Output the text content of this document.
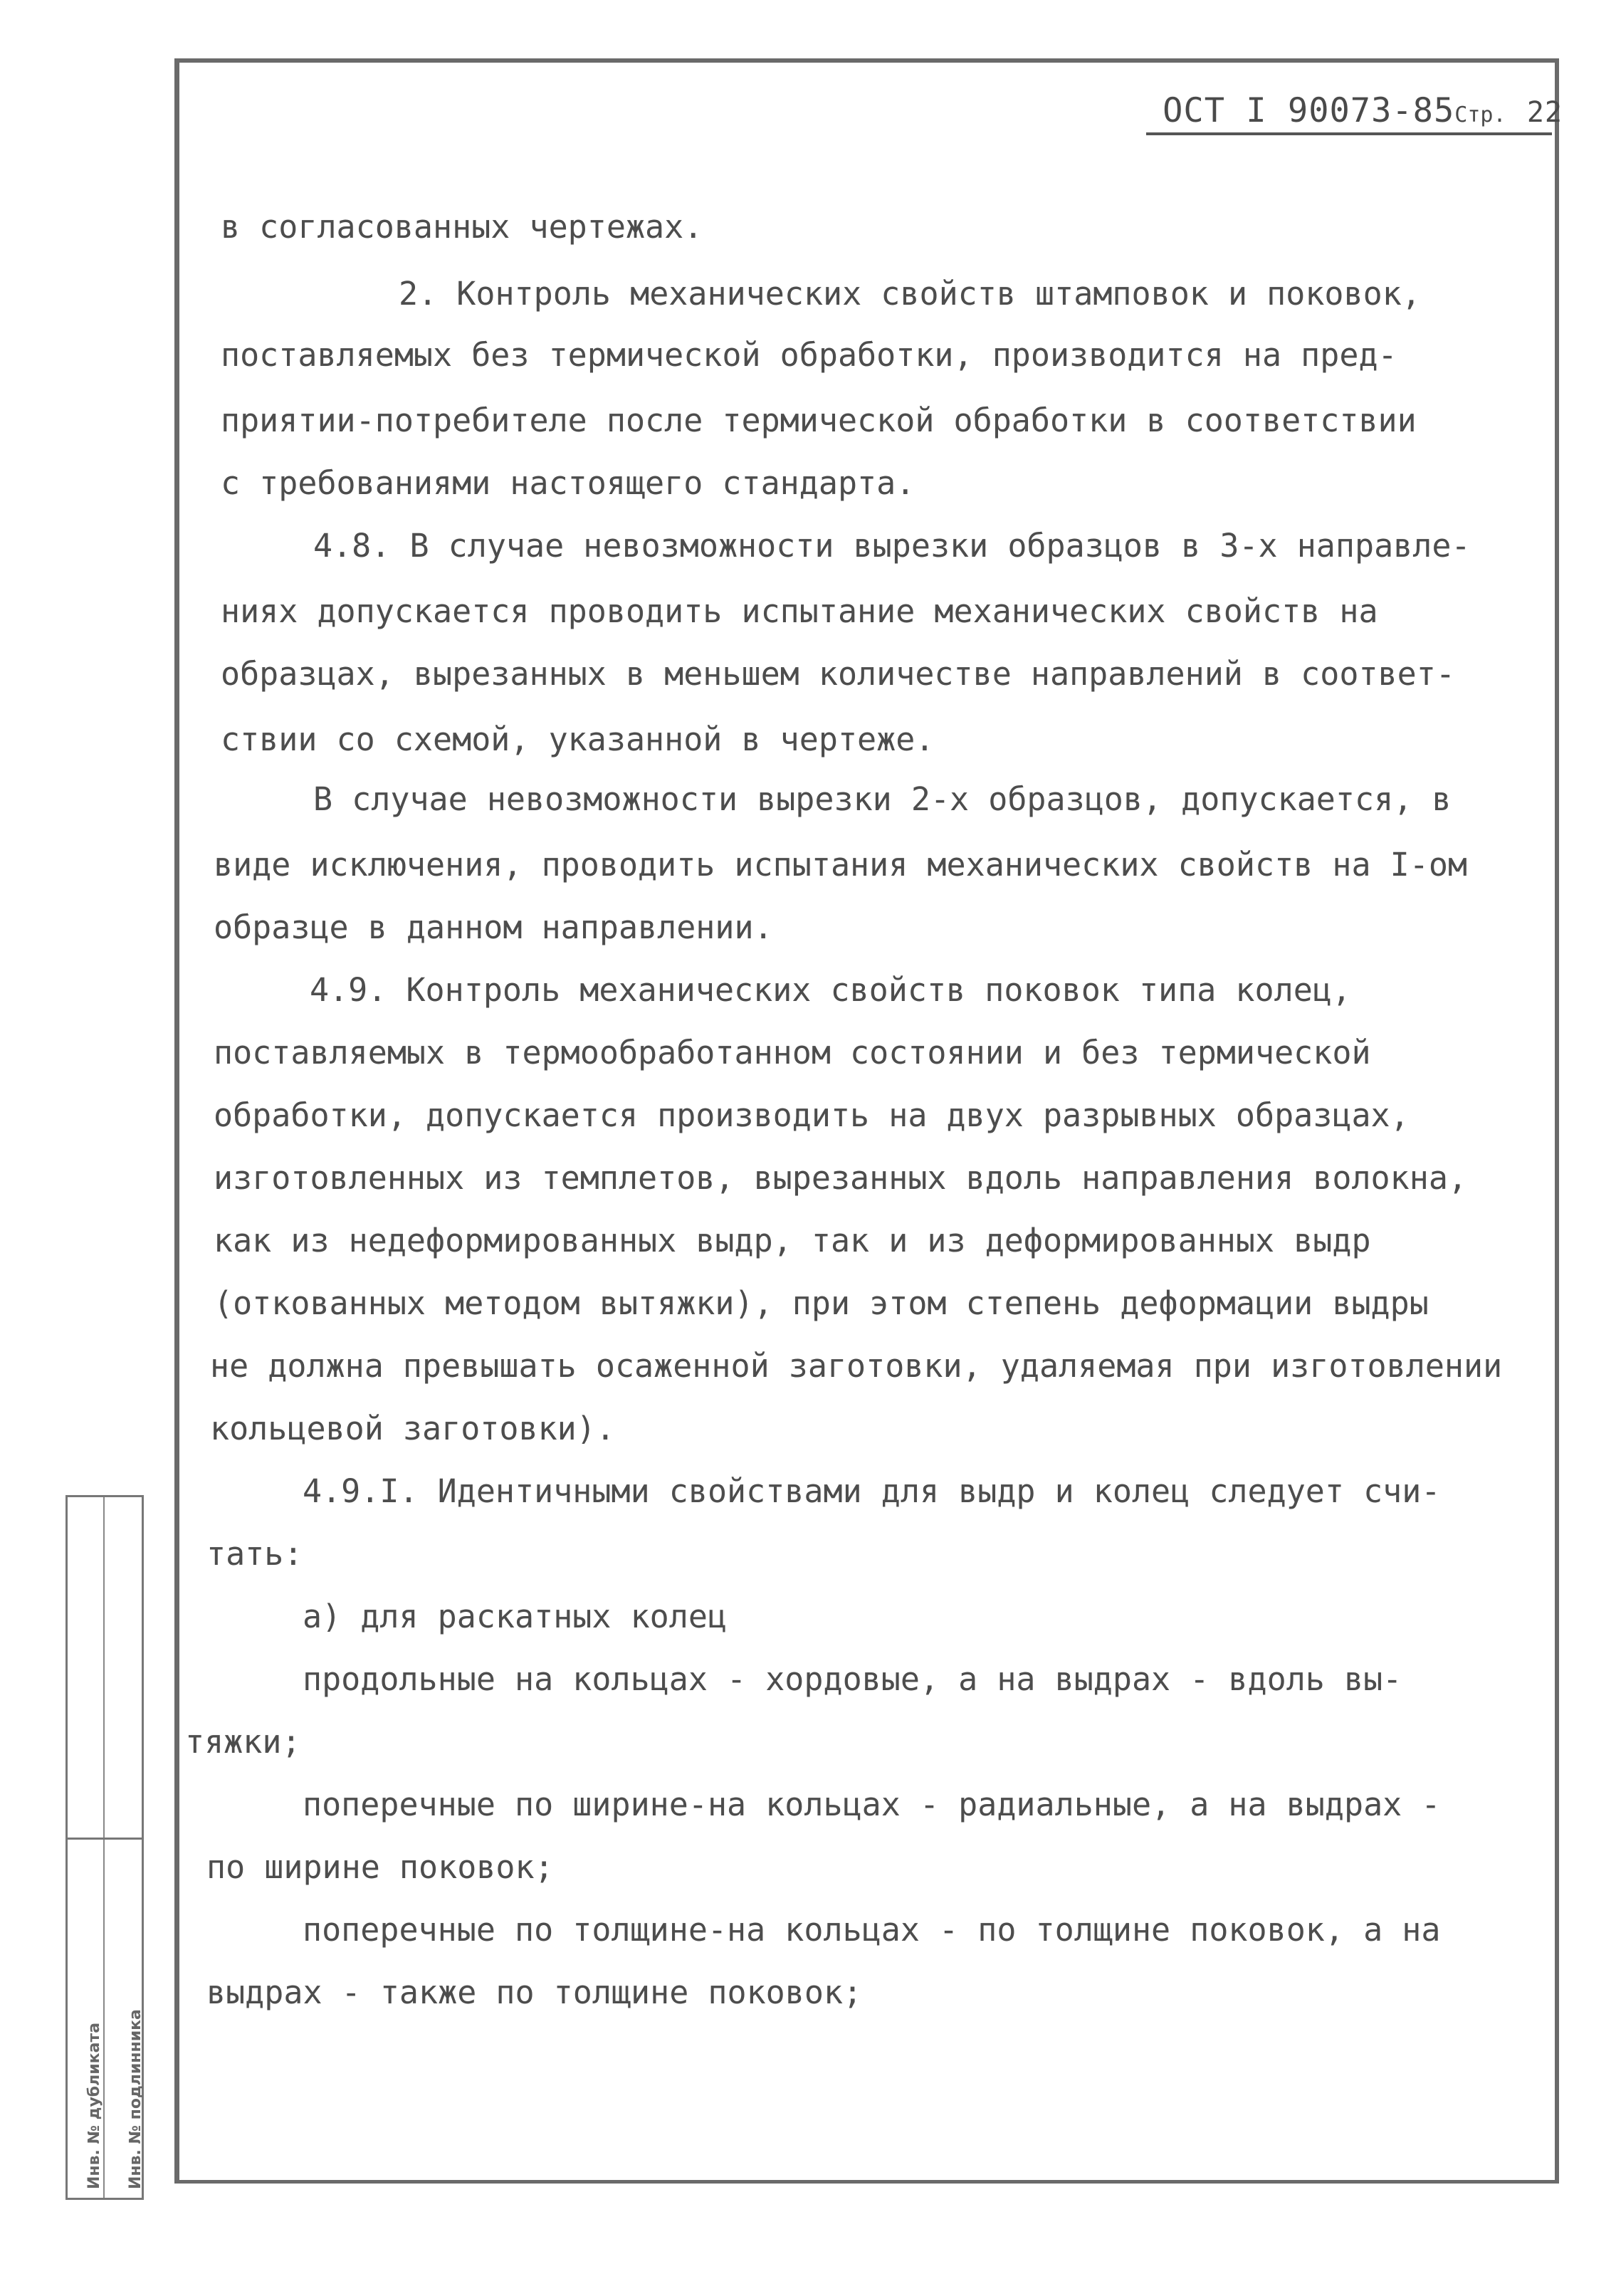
ОСТ I 90073-85Стр. 22
в согласованных чертежах.
2. Контроль механических свойств штамповок и поковок,
поставляемых без термической обработки, производится на пред-
приятии-потребителе после термической обработки в соответствии
с требованиями настоящего стандарта.
4.8. В случае невозможности вырезки образцов в 3-х направле-
ниях допускается проводить испытание механических свойств на
образцах, вырезанных в меньшем количестве направлений в соответ-
ствии со схемой, указанной в чертеже.
В случае невозможности вырезки 2-х образцов, допускается, в
виде исключения, проводить испытания механических свойств на I-ом
образце в данном направлении.
4.9. Контроль механических свойств поковок типа колец,
поставляемых в термообработанном состоянии и без термической
обработки, допускается производить на двух разрывных образцах,
изготовленных из темплетов, вырезанных вдоль направления волокна,
как из недеформированных выдр, так и из деформированных выдр
(откованных методом вытяжки), при этом степень деформации выдры
не должна превышать осаженной заготовки, удаляемая при изготовлении
кольцевой заготовки).
4.9.I. Идентичными свойствами для выдр и колец следует счи-
тать:
а) для раскатных колец
продольные на кольцах - хордовые, а на выдрах - вдоль вы-
тяжки;
поперечные по ширине-на кольцах - радиальные, а на выдрах -
по ширине поковок;
поперечные по толщине-на кольцах - по толщине поковок, а на
выдрах - также по толщине поковок;
Инв. № дубликата Инв. № подлинника
